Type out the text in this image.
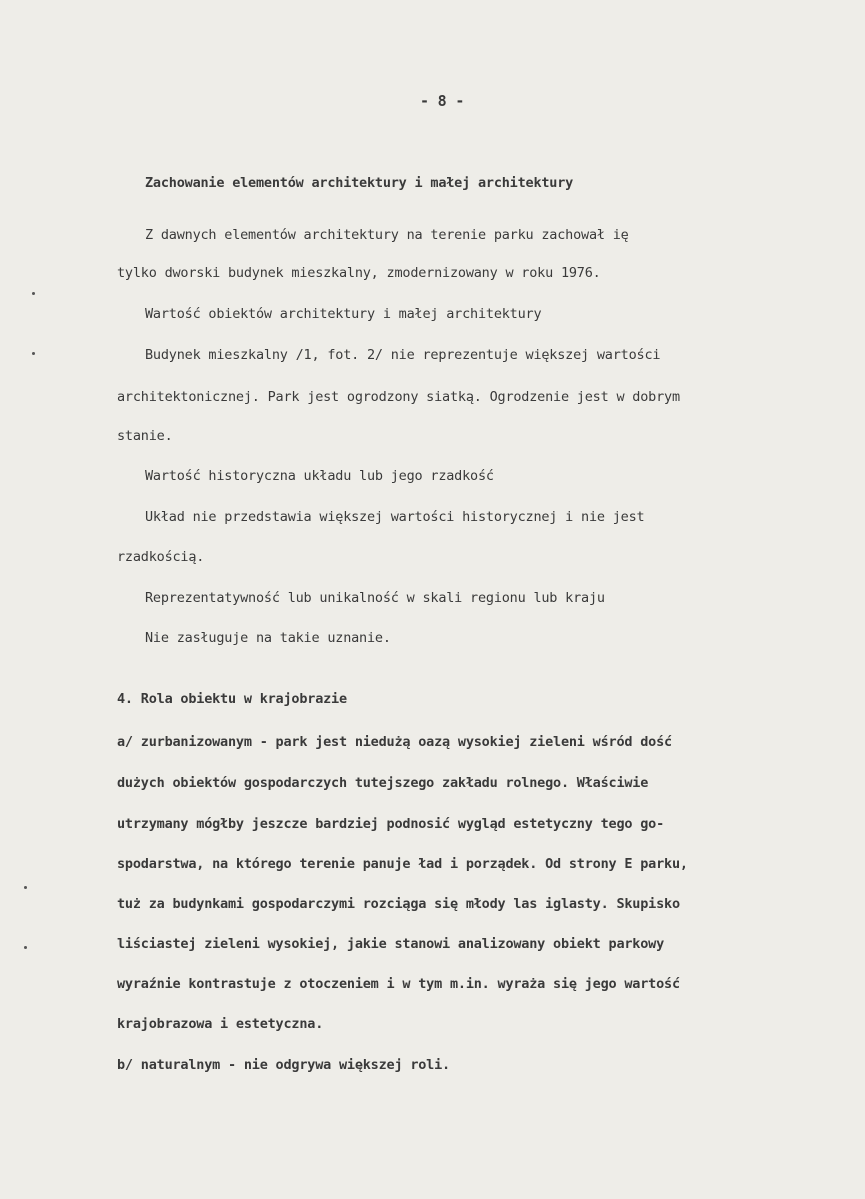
- 8 -
Zachowanie elementów architektury i małej architektury
Z dawnych elementów architektury na terenie parku zachował ię
tylko dworski budynek mieszkalny, zmodernizowany w roku 1976.
Wartość obiektów architektury i małej architektury
Budynek mieszkalny /1, fot. 2/ nie reprezentuje większej wartości
architektonicznej. Park jest ogrodzony siatką. Ogrodzenie jest w dobrym
stanie.
Wartość historyczna układu lub jego rzadkość
Układ nie przedstawia większej wartości historycznej i nie jest
rzadkością.
Reprezentatywność lub unikalność w skali regionu lub kraju
Nie zasługuje na takie uznanie.
4. Rola obiektu w krajobrazie
a/ zurbanizowanym - park jest niedużą oazą wysokiej zieleni wśród dość
dużych obiektów gospodarczych tutejszego zakładu rolnego. Właściwie
utrzymany mógłby jeszcze bardziej podnosić wygląd estetyczny tego go-
spodarstwa, na którego terenie panuje ład i porządek. Od strony E parku,
tuż za budynkami gospodarczymi rozciąga się młody las iglasty. Skupisko
liściastej zieleni wysokiej, jakie stanowi analizowany obiekt parkowy
wyraźnie kontrastuje z otoczeniem i w tym m.in. wyraża się jego wartość
krajobrazowa i estetyczna.
b/ naturalnym - nie odgrywa większej roli.
